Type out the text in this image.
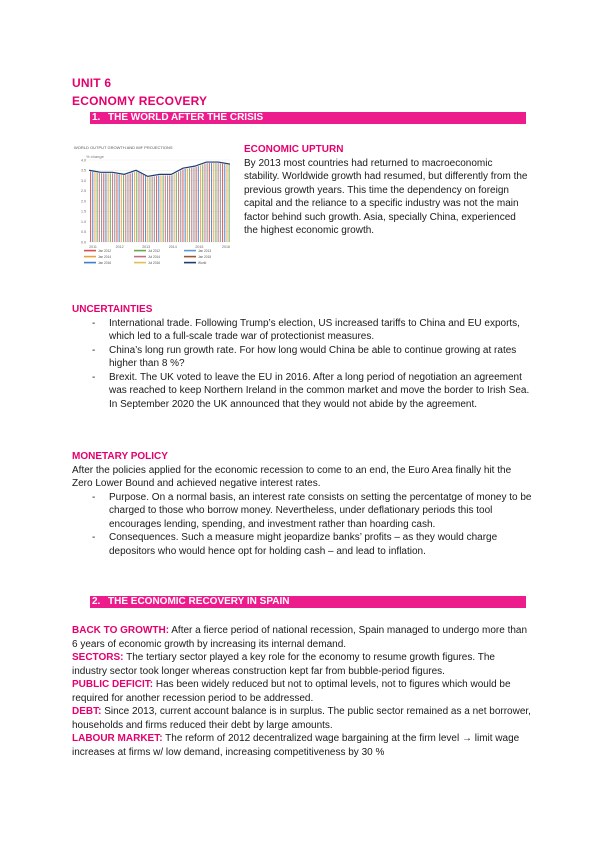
UNIT 6
ECONOMY RECOVERY
1. THE WORLD AFTER THE CRISIS
WORLD OUTPUT GROWTH AND IMF PROJECTIONS
% change
4.0
3.5
3.0
2.5
2.0
1.5
1.0
0.5
0.0
2011	2012	2013	2014	2015	2016
Jan 2012
Jan 2014
Jan 2016
Jul 2012
Jul 2014
Jul 2016
Jan 2013
Jan 2015
World
ECONOMIC UPTURN

By 2013 most countries had returned to macroeconomic stability. Worldwide growth had resumed, but differently from the previous growth years. This time the dependency on foreign capital and the reliance to a specific industry was not the main factor behind such growth. Asia, specially China, experienced the highest economic growth.

UNCERTAINTIES
- International trade. Following Trump’s election, US increased tariffs to China and EU exports, which led to a full-scale trade war of protectionist measures.
- China’s long run growth rate. For how long would China be able to continue growing at rates higher than 8 %?
- Brexit. The UK voted to leave the EU in 2016. After a long period of negotiation an agreement was reached to keep Northern Ireland in the common market and move the border to Irish Sea. In September 2020 the UK announced that they would not abide by the agreement.
MONETARY POLICY

After the policies applied for the economic recession to come to an end, the Euro Area finally hit the Zero Lower Bound and achieved negative interest rates.

- Purpose. On a normal basis, an interest rate consists on setting the percentatge of money to be charged to those who borrow money. Nevertheless, under deflationary periods this tool encourages lending, spending, and investment rather than hoarding cash.
- Consequences. Such a measure might jeopardize banks’ profits – as they would charge depositors who would hence opt for holding cash – and lead to inflation.
2. THE ECONOMIC RECOVERY IN SPAIN

BACK TO GROWTH: After a fierce period of national recession, Spain managed to undergo more than 6 years of economic growth by increasing its internal demand.

SECTORS: The tertiary sector played a key role for the economy to resume growth figures. The industry sector took longer whereas construction kept far from bubble-period figures.

PUBLIC DEFICIT: Has been widely reduced but not to optimal levels, not to figures which would be required for another recession period to be addressed.

DEBT: Since 2013, current account balance is in surplus. The public sector remained as a net borrower, households and firms reduced their debt by large amounts.

LABOUR MARKET: The reform of 2012 decentralized wage bargaining at the firm level → limit wage increases at firms w/ low demand, increasing competitiveness by 30 %
